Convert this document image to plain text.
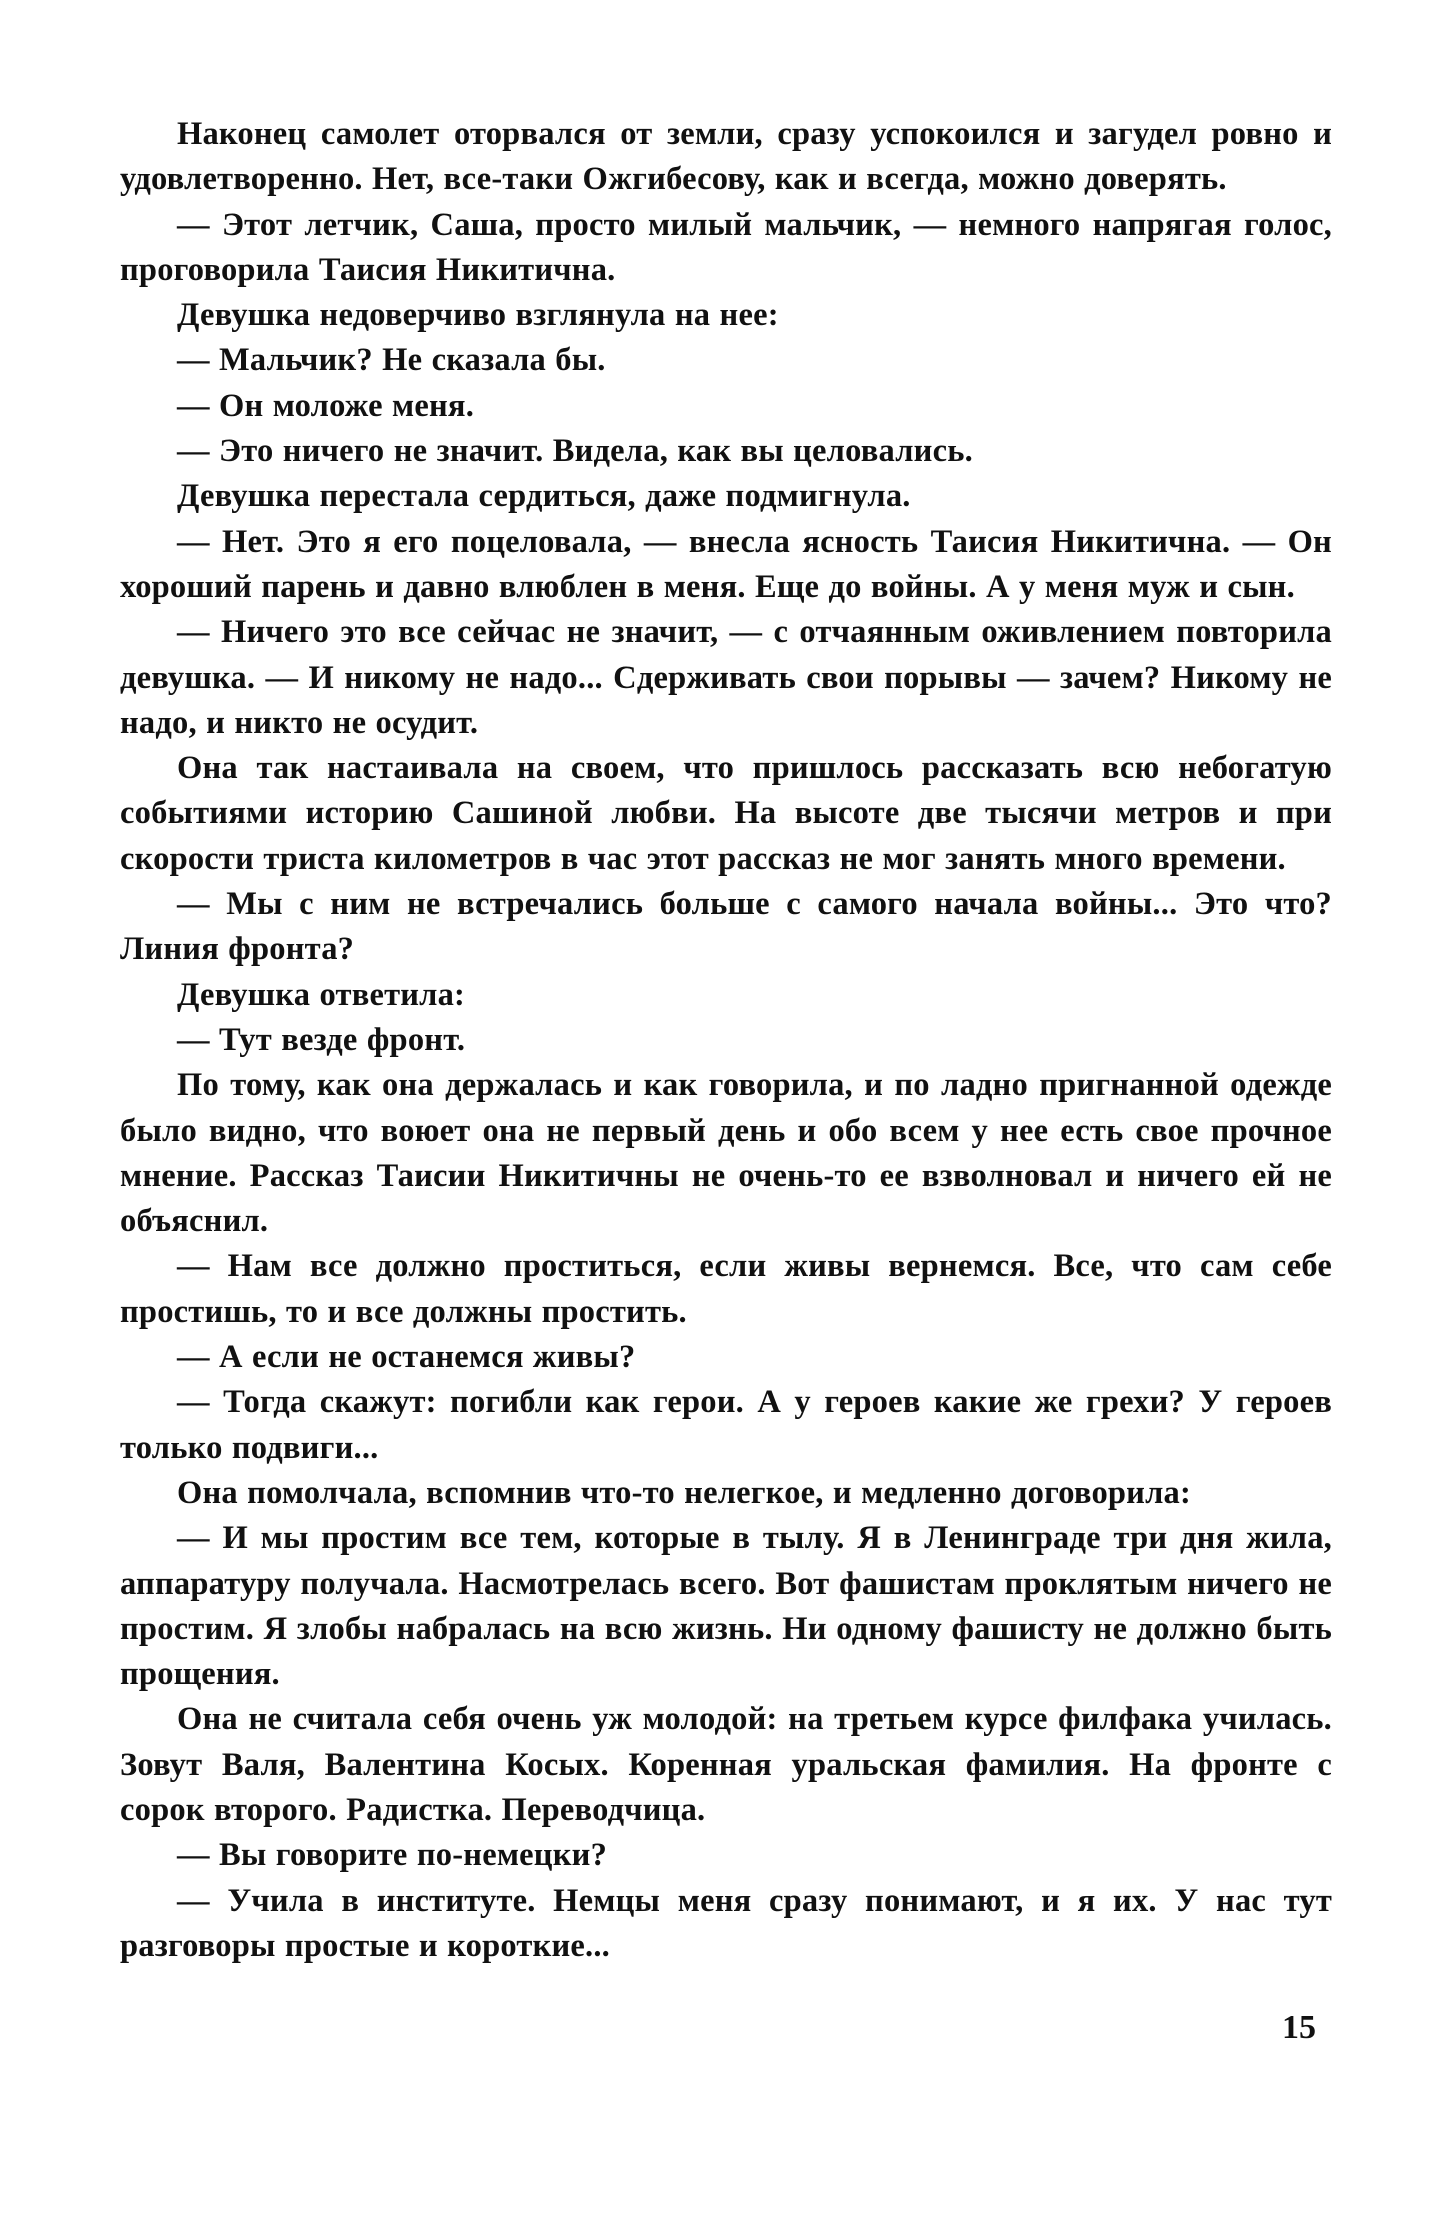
Наконец самолет оторвался от земли, сразу успокоился и загудел ровно и удовлетворенно. Нет, все-таки Ожгибесову, как и всегда, можно доверять.

— Этот летчик, Саша, просто милый мальчик, — немного напрягая голос, проговорила Таисия Никитична.

Девушка недоверчиво взглянула на нее:

— Мальчик? Не сказала бы.

— Он моложе меня.

— Это ничего не значит. Видела, как вы целовались.

Девушка перестала сердиться, даже подмигнула.

— Нет. Это я его поцеловала, — внесла ясность Таисия Никитична. — Он хороший парень и давно влюблен в меня. Еще до войны. А у меня муж и сын.

— Ничего это все сейчас не значит, — с отчаянным оживлением повторила девушка. — И никому не надо... Сдерживать свои порывы — зачем? Никому не надо, и никто не осудит.

Она так настаивала на своем, что пришлось рассказать всю небогатую событиями историю Сашиной любви. На высоте две тысячи метров и при скорости триста километров в час этот рассказ не мог занять много времени.

— Мы с ним не встречались больше с самого начала войны... Это что? Линия фронта?

Девушка ответила:

— Тут везде фронт.

По тому, как она держалась и как говорила, и по ладно пригнанной одежде было видно, что воюет она не первый день и обо всем у нее есть свое прочное мнение. Рассказ Таисии Никитичны не очень-то ее взволновал и ничего ей не объяснил.

— Нам все должно проститься, если живы вернемся. Все, что сам себе простишь, то и все должны простить.

— А если не останемся живы?

— Тогда скажут: погибли как герои. А у героев какие же грехи? У героев только подвиги...

Она помолчала, вспомнив что-то нелегкое, и медленно договорила:

— И мы простим все тем, которые в тылу. Я в Ленинграде три дня жила, аппаратуру получала. Насмотрелась всего. Вот фашистам проклятым ничего не простим. Я злобы набралась на всю жизнь. Ни одному фашисту не должно быть прощения.

Она не считала себя очень уж молодой: на третьем курсе филфака училась. Зовут Валя, Валентина Косых. Коренная уральская фамилия. На фронте с сорок второго. Радистка. Переводчица.

— Вы говорите по-немецки?

— Учила в институте. Немцы меня сразу понимают, и я их. У нас тут разговоры простые и короткие...

15
